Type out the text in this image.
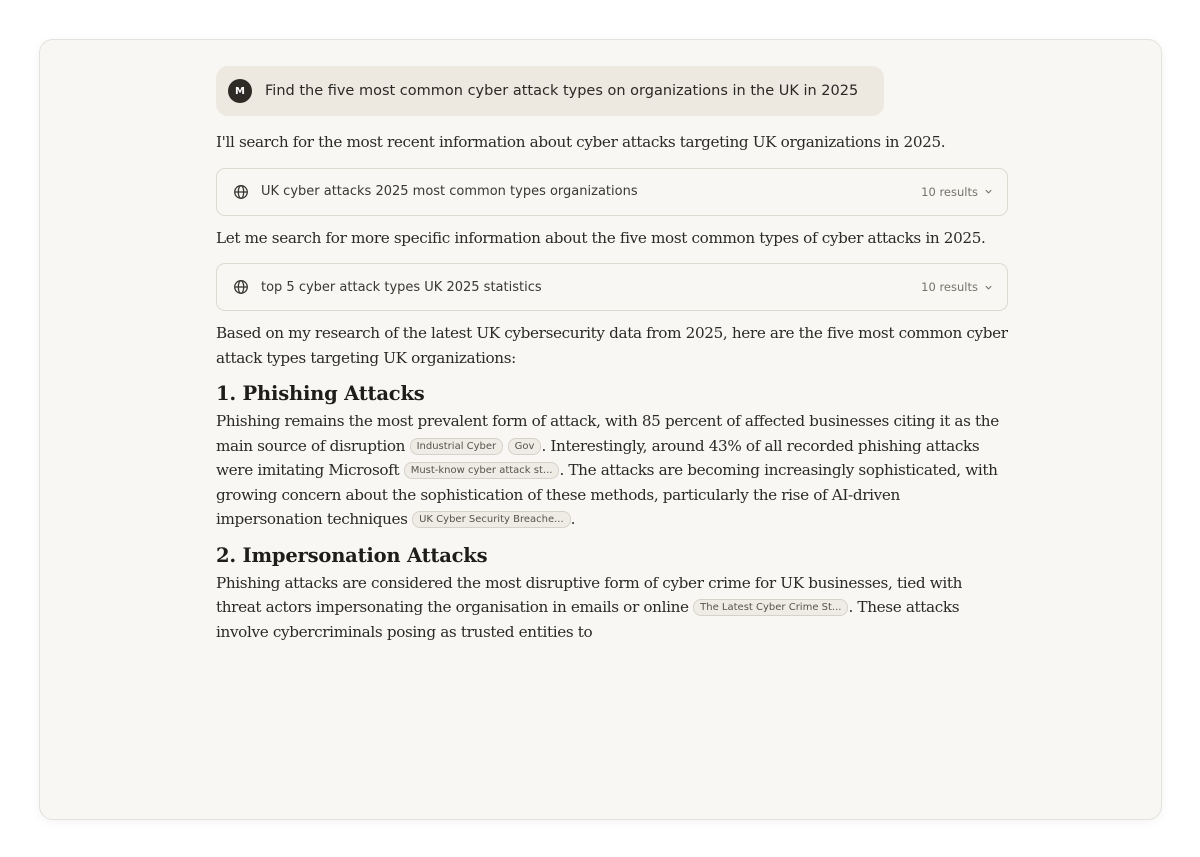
M	Find the five most common cyber attack types on organizations in the UK in 2025

I'll search for the most recent information about cyber attacks targeting UK organizations in 2025.

UK cyber attacks 2025 most common types organizations	10 results

Let me search for more specific information about the five most common types of cyber attacks in 2025.

top 5 cyber attack types UK 2025 statistics	10 results

Based on my research of the latest UK cybersecurity data from 2025, here are the five most common cyber attack types targeting UK organizations:

1. Phishing Attacks

Phishing remains the most prevalent form of attack, with 85 percent of affected businesses citing it as the main source of disruption Industrial Cyber Gov . Interestingly, around 43% of all recorded phishing attacks were imitating Microsoft Must-know cyber attack st... . The attacks are becoming increasingly sophisticated, with growing concern about the sophistication of these methods, particularly the rise of AI-driven impersonation techniques UK Cyber Security Breache... .

2. Impersonation Attacks

Phishing attacks are considered the most disruptive form of cyber crime for UK businesses, tied with threat actors impersonating the organisation in emails or online The Latest Cyber Crime St... . These attacks involve cybercriminals posing as trusted entities to
